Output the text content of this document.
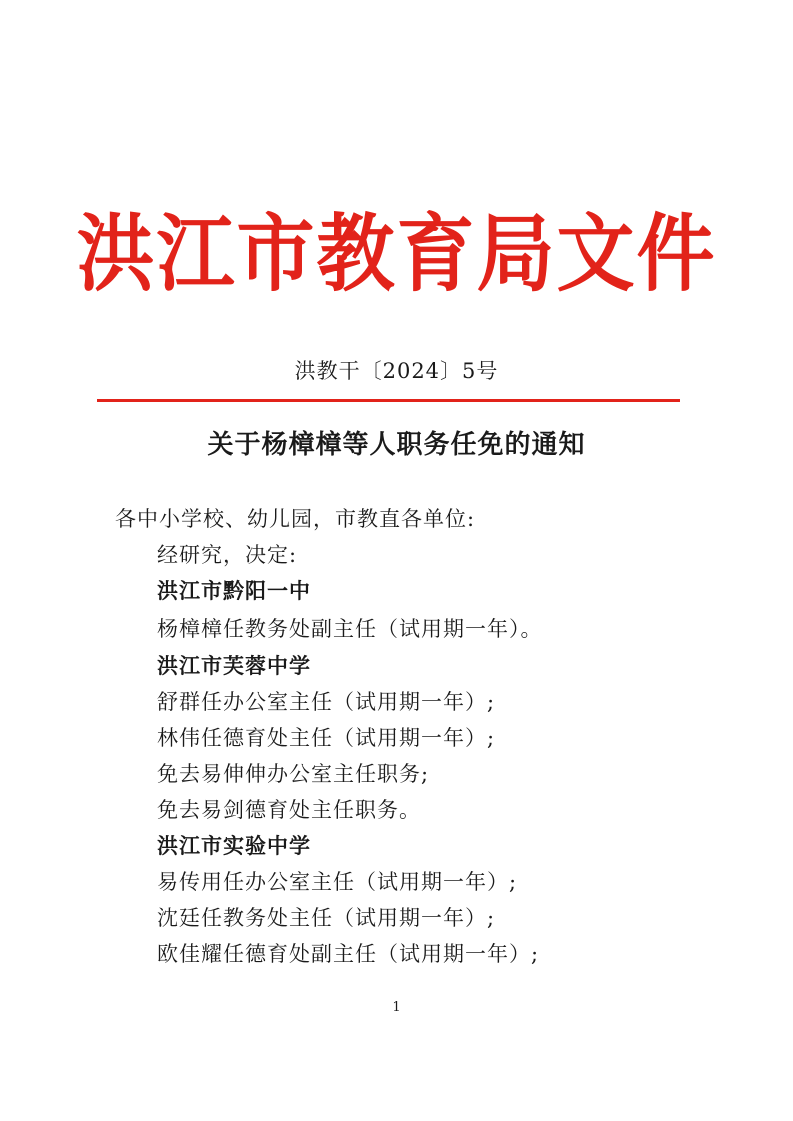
洪江市教育局文件
洪教干〔2024〕5号
关于杨樟樟等人职务任免的通知
各中小学校、幼儿园，市教直各单位:
经研究，决定:
洪江市黔阳一中
杨樟樟任教务处副主任（试用期一年）。
洪江市芙蓉中学
舒群任办公室主任（试用期一年）;
林伟任德育处主任（试用期一年）;
免去易伸伸办公室主任职务;
免去易剑德育处主任职务。
洪江市实验中学
易传用任办公室主任（试用期一年）;
沈廷任教务处主任（试用期一年）;
欧佳耀任德育处副主任（试用期一年）;
1
